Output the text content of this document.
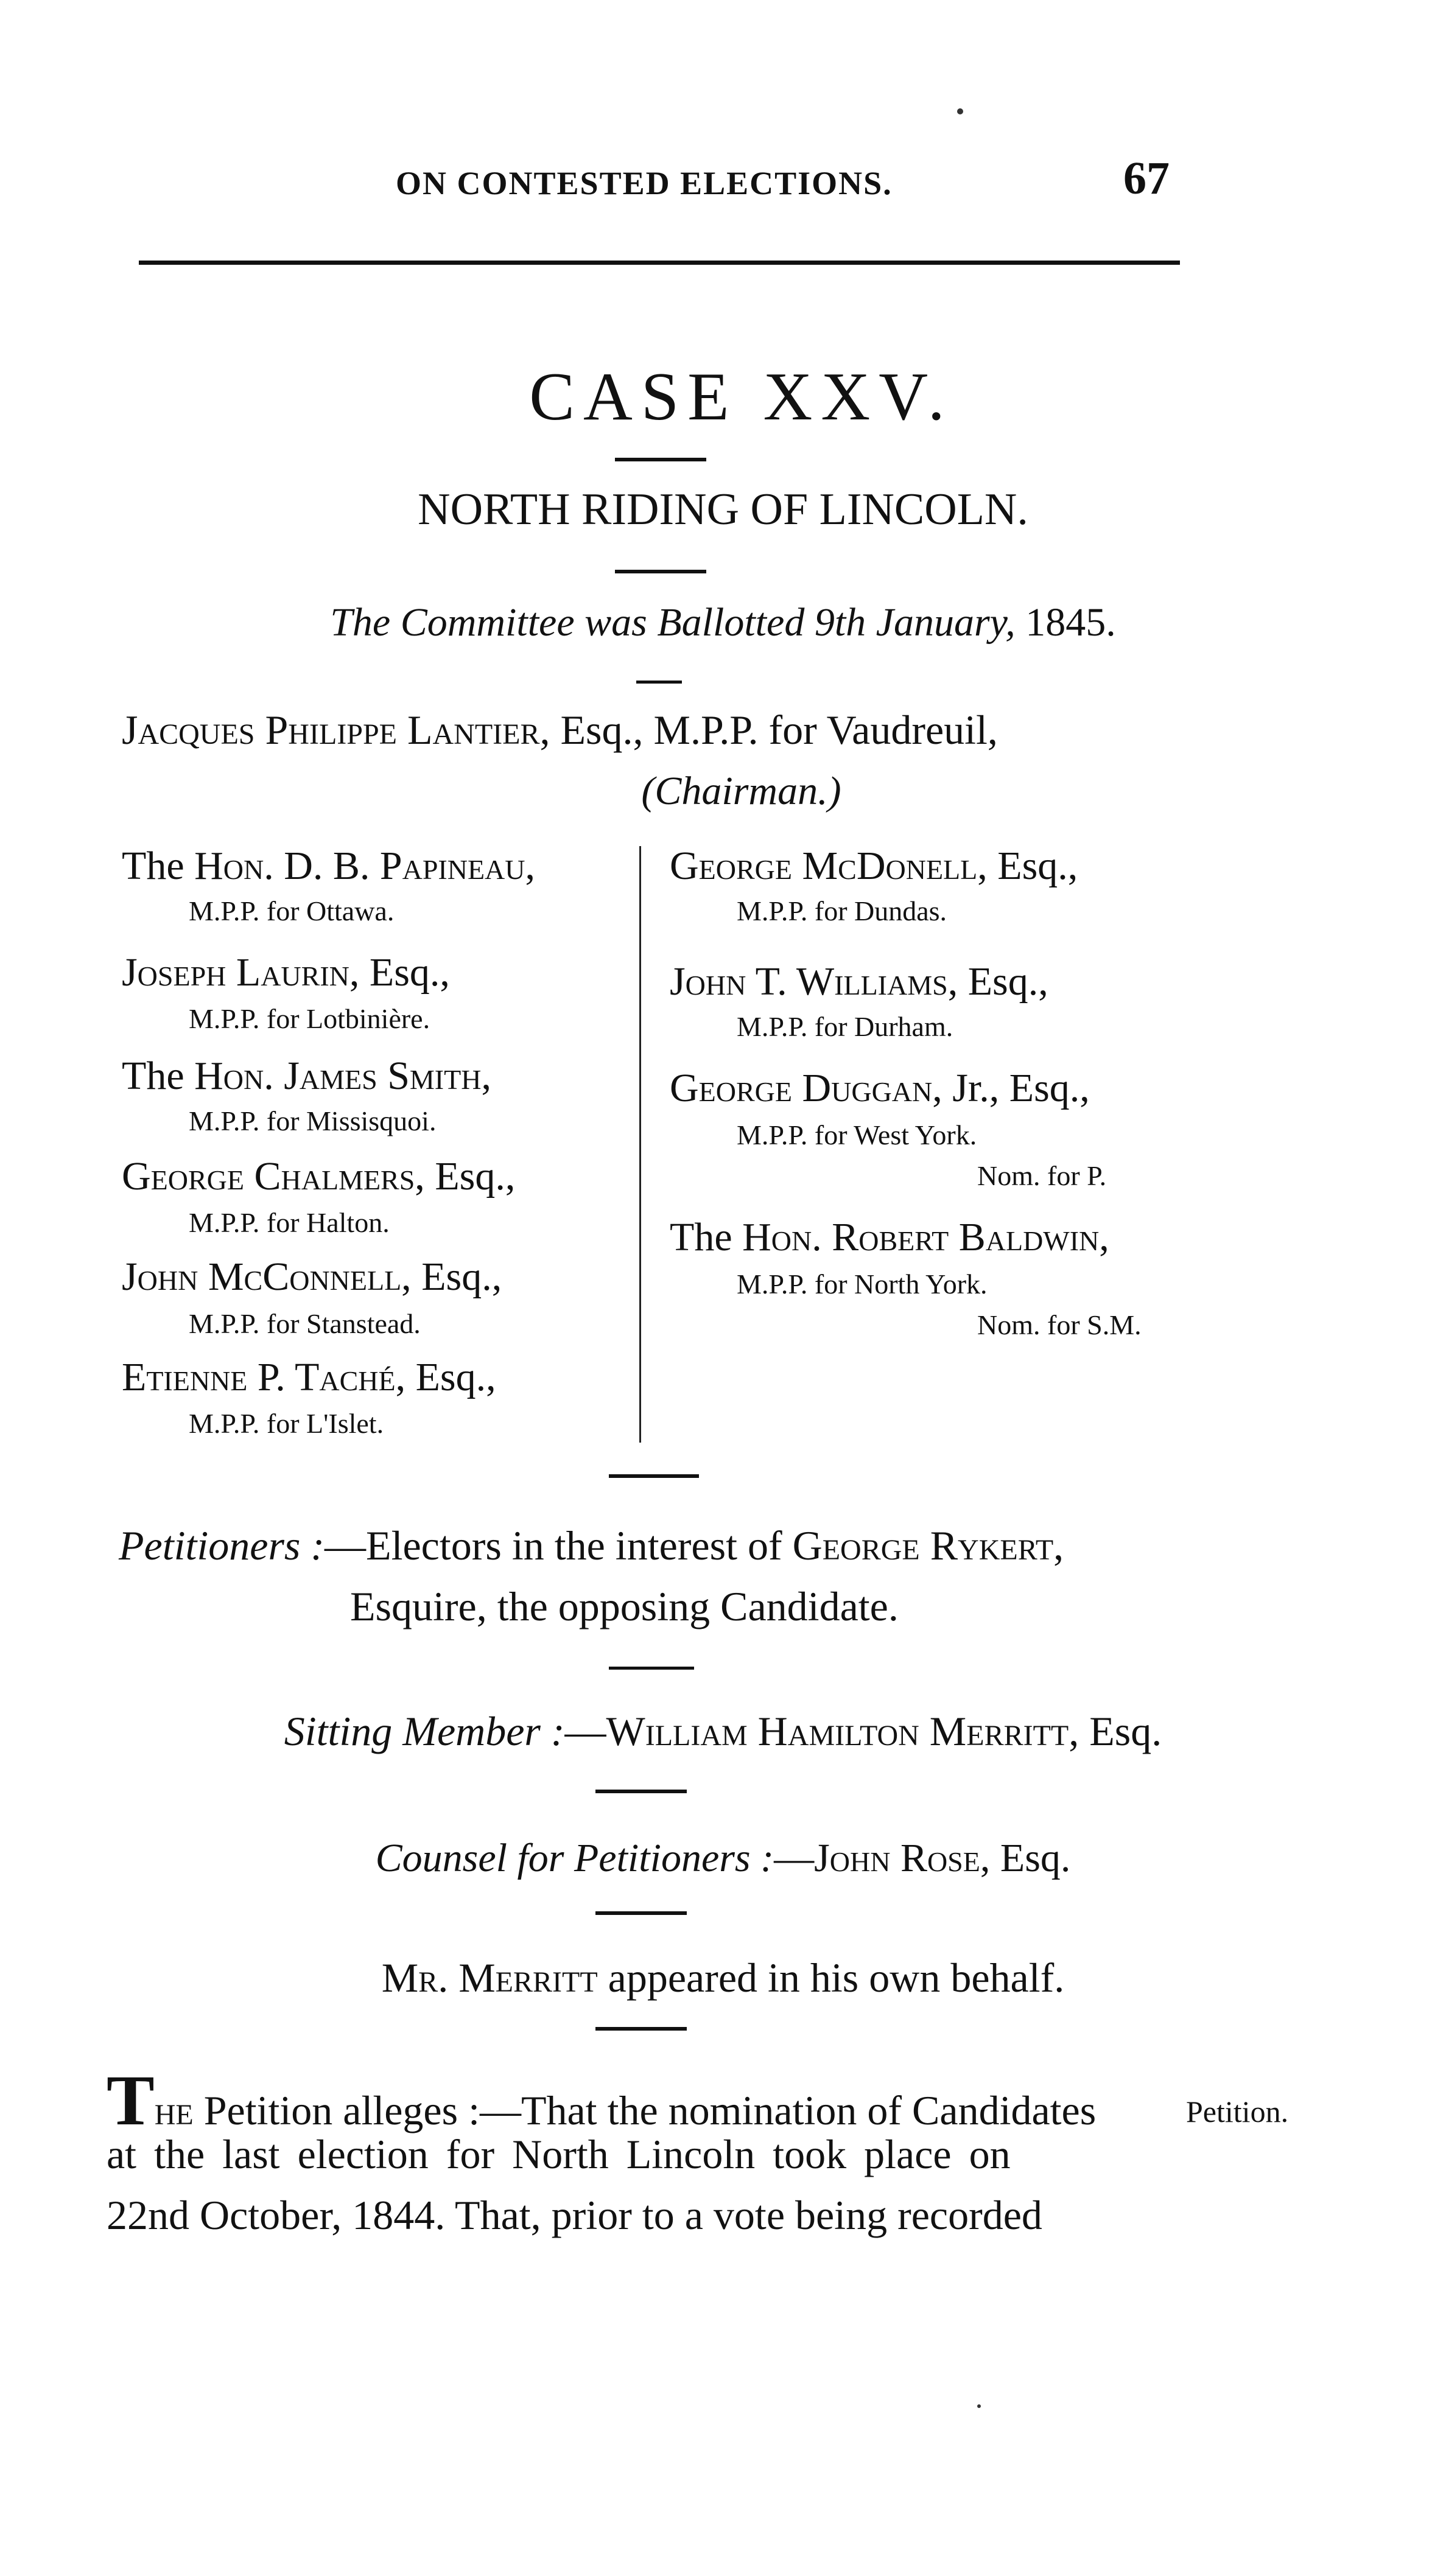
ON CONTESTED ELECTIONS.	67
CASE XXV.
NORTH RIDING OF LINCOLN.
The Committee was Ballotted 9th January, 1845.
Jacques Philippe Lantier, Esq., M.P.P. for Vaudreuil,
(Chairman.)
The Hon. D. B. Papineau,
M.P.P. for Ottawa.
Joseph Laurin, Esq.,
M.P.P. for Lotbinière.
The Hon. James Smith,
M.P.P. for Missisquoi.
George Chalmers, Esq.,
M.P.P. for Halton.
John McConnell, Esq.,
M.P.P. for Stanstead.
Etienne P. Taché, Esq.,
M.P.P. for L'Islet.
George McDonell, Esq.,
M.P.P. for Dundas.
John T. Williams, Esq.,
M.P.P. for Durham.
George Duggan, Jr., Esq.,
M.P.P. for West York.
Nom. for P.
The Hon. Robert Baldwin,
M.P.P. for North York.
Nom. for S.M.
Petitioners :—Electors in the interest of George Rykert,
Esquire, the opposing Candidate.
Sitting Member :—William Hamilton Merritt, Esq.
Counsel for Petitioners :—John Rose, Esq.
Mr. Merritt appeared in his own behalf.
The Petition alleges :—That the nomination of Candidates	Petition.
at the last election for North Lincoln took place on
22nd October, 1844. That, prior to a vote being recorded
